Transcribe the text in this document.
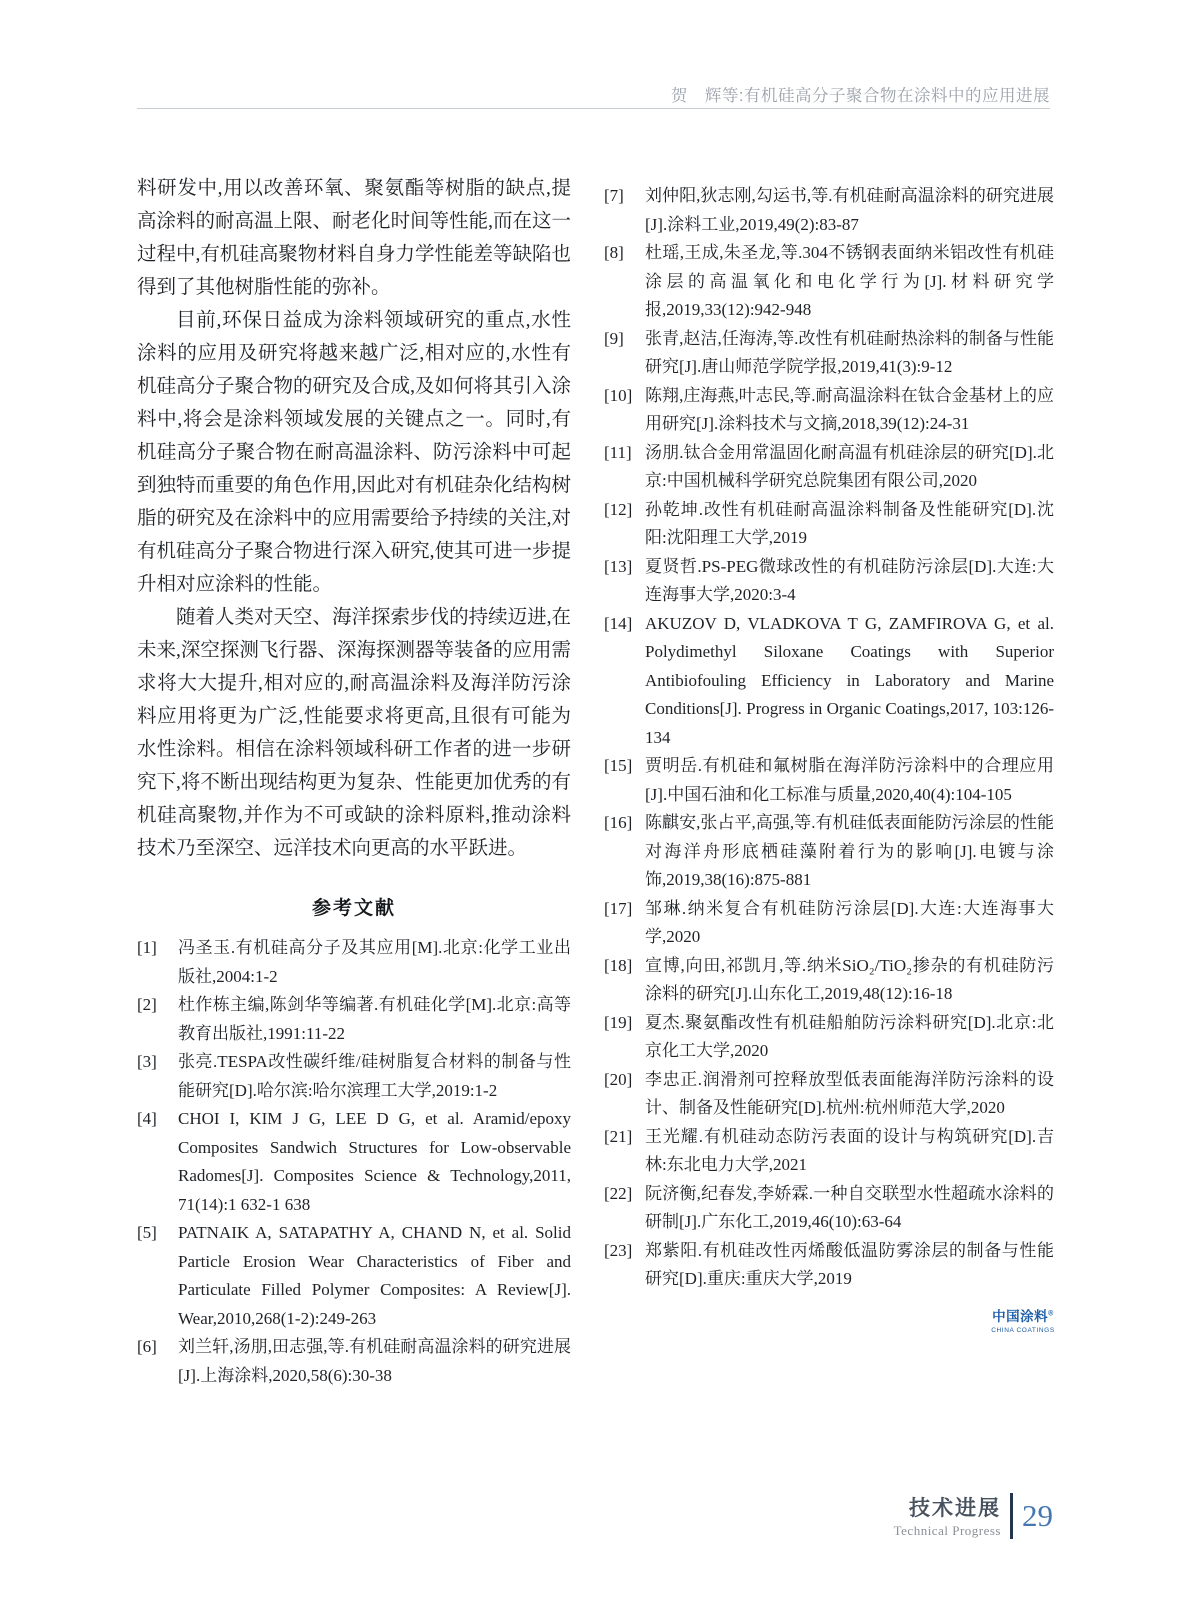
贺　辉等:有机硅高分子聚合物在涂料中的应用进展

料研发中,用以改善环氧、聚氨酯等树脂的缺点,提高涂料的耐高温上限、耐老化时间等性能,而在这一过程中,有机硅高聚物材料自身力学性能差等缺陷也得到了其他树脂性能的弥补。

目前,环保日益成为涂料领域研究的重点,水性涂料的应用及研究将越来越广泛,相对应的,水性有机硅高分子聚合物的研究及合成,及如何将其引入涂料中,将会是涂料领域发展的关键点之一。同时,有机硅高分子聚合物在耐高温涂料、防污涂料中可起到独特而重要的角色作用,因此对有机硅杂化结构树脂的研究及在涂料中的应用需要给予持续的关注,对有机硅高分子聚合物进行深入研究,使其可进一步提升相对应涂料的性能。

随着人类对天空、海洋探索步伐的持续迈进,在未来,深空探测飞行器、深海探测器等装备的应用需求将大大提升,相对应的,耐高温涂料及海洋防污涂料应用将更为广泛,性能要求将更高,且很有可能为水性涂料。相信在涂料领域科研工作者的进一步研究下,将不断出现结构更为复杂、性能更加优秀的有机硅高聚物,并作为不可或缺的涂料原料,推动涂料技术乃至深空、远洋技术向更高的水平跃进。

参考文献
[1] 冯圣玉.有机硅高分子及其应用[M].北京:化学工业出版社,2004:1-2
[2] 杜作栋主编,陈剑华等编著.有机硅化学[M].北京:高等教育出版社,1991:11-22
[3] 张亮.TESPA改性碳纤维/硅树脂复合材料的制备与性能研究[D].哈尔滨:哈尔滨理工大学,2019:1-2
[4] CHOI I, KIM J G, LEE D G, et al. Aramid/epoxy Composites Sandwich Structures for Low-observable Radomes[J]. Composites Science & Technology,2011, 71(14):1 632-1 638
[5] PATNAIK A, SATAPATHY A, CHAND N, et al. Solid Particle Erosion Wear Characteristics of Fiber and Particulate Filled Polymer Composites: A Review[J]. Wear,2010,268(1-2):249-263
[6] 刘兰轩,汤朋,田志强,等.有机硅耐高温涂料的研究进展[J].上海涂料,2020,58(6):30-38
[7] 刘仲阳,狄志刚,勾运书,等.有机硅耐高温涂料的研究进展[J].涂料工业,2019,49(2):83-87
[8] 杜瑶,王成,朱圣龙,等.304不锈钢表面纳米铝改性有机硅涂层的高温氧化和电化学行为[J].材料研究学报,2019,33(12):942-948
[9] 张青,赵洁,任海涛,等.改性有机硅耐热涂料的制备与性能研究[J].唐山师范学院学报,2019,41(3):9-12
[10] 陈翔,庄海燕,叶志民,等.耐高温涂料在钛合金基材上的应用研究[J].涂料技术与文摘,2018,39(12):24-31
[11] 汤朋.钛合金用常温固化耐高温有机硅涂层的研究[D].北京:中国机械科学研究总院集团有限公司,2020
[12] 孙乾坤.改性有机硅耐高温涂料制备及性能研究[D].沈阳:沈阳理工大学,2019
[13] 夏贤哲.PS-PEG微球改性的有机硅防污涂层[D].大连:大连海事大学,2020:3-4
[14] AKUZOV D, VLADKOVA T G, ZAMFIROVA G, et al. Polydimethyl Siloxane Coatings with Superior Antibiofouling Efficiency in Laboratory and Marine Conditions[J]. Progress in Organic Coatings,2017, 103:126-134
[15] 贾明岳.有机硅和氟树脂在海洋防污涂料中的合理应用[J].中国石油和化工标准与质量,2020,40(4):104-105
[16] 陈麒安,张占平,高强,等.有机硅低表面能防污涂层的性能对海洋舟形底栖硅藻附着行为的影响[J].电镀与涂饰,2019,38(16):875-881
[17] 邹琳.纳米复合有机硅防污涂层[D].大连:大连海事大学,2020
[18] 宣博,向田,祁凯月,等.纳米SiO₂/TiO₂掺杂的有机硅防污涂料的研究[J].山东化工,2019,48(12):16-18
[19] 夏杰.聚氨酯改性有机硅船舶防污涂料研究[D].北京:北京化工大学,2020
[20] 李忠正.润滑剂可控释放型低表面能海洋防污涂料的设计、制备及性能研究[D].杭州:杭州师范大学,2020
[21] 王光耀.有机硅动态防污表面的设计与构筑研究[D].吉林:东北电力大学,2021
[22] 阮济衡,纪春发,李娇霖.一种自交联型水性超疏水涂料的研制[J].广东化工,2019,46(10):63-64
[23] 郑紫阳.有机硅改性丙烯酸低温防雾涂层的制备与性能研究[D].重庆:重庆大学,2019
中国涂料®
CHINA COATINGS
技术进展
Technical Progress 29
